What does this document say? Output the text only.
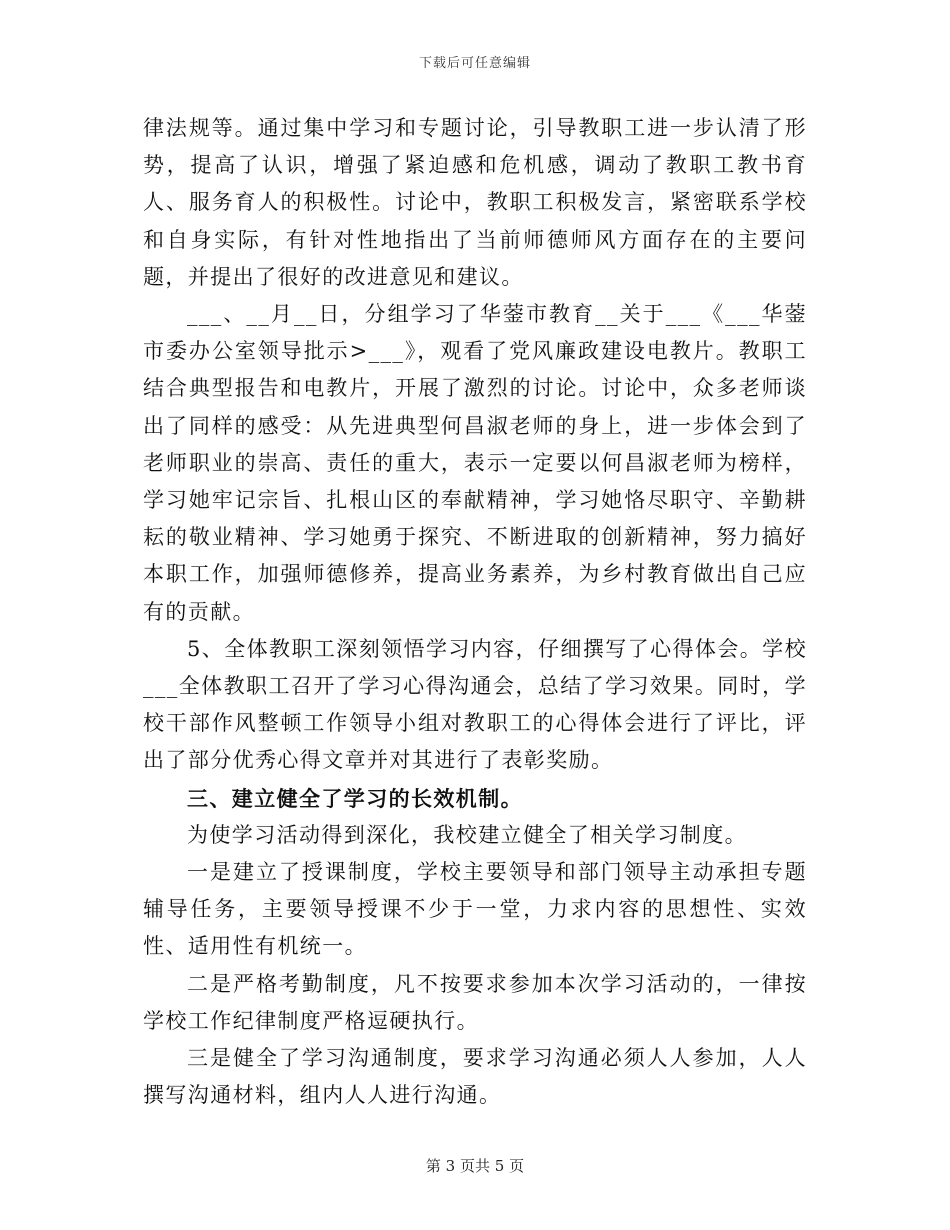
下载后可任意编辑

律法规等。通过集中学习和专题讨论，引导教职工进一步认清了形势，提高了认识，增强了紧迫感和危机感，调动了教职工教书育人、服务育人的积极性。讨论中，教职工积极发言，紧密联系学校和自身实际，有针对性地指出了当前师德师风方面存在的主要问题，并提出了很好的改进意见和建议。

___、__月__日，分组学习了华蓥市教育__关于___《___华蓥市委办公室领导批示>___》，观看了党风廉政建设电教片。教职工结合典型报告和电教片，开展了激烈的讨论。讨论中，众多老师谈出了同样的感受：从先进典型何昌淑老师的身上，进一步体会到了老师职业的崇高、责任的重大，表示一定要以何昌淑老师为榜样，学习她牢记宗旨、扎根山区的奉献精神，学习她恪尽职守、辛勤耕耘的敬业精神、学习她勇于探究、不断进取的创新精神，努力搞好本职工作，加强师德修养，提高业务素养，为乡村教育做出自己应有的贡献。

5、全体教职工深刻领悟学习内容，仔细撰写了心得体会。学校___全体教职工召开了学习心得沟通会，总结了学习效果。同时，学校干部作风整顿工作领导小组对教职工的心得体会进行了评比，评出了部分优秀心得文章并对其进行了表彰奖励。

三、建立健全了学习的长效机制。

为使学习活动得到深化，我校建立健全了相关学习制度。

一是建立了授课制度，学校主要领导和部门领导主动承担专题辅导任务，主要领导授课不少于一堂，力求内容的思想性、实效性、适用性有机统一。

二是严格考勤制度，凡不按要求参加本次学习活动的，一律按学校工作纪律制度严格逗硬执行。

三是健全了学习沟通制度，要求学习沟通必须人人参加，人人撰写沟通材料，组内人人进行沟通。

第 3 页共 5 页
